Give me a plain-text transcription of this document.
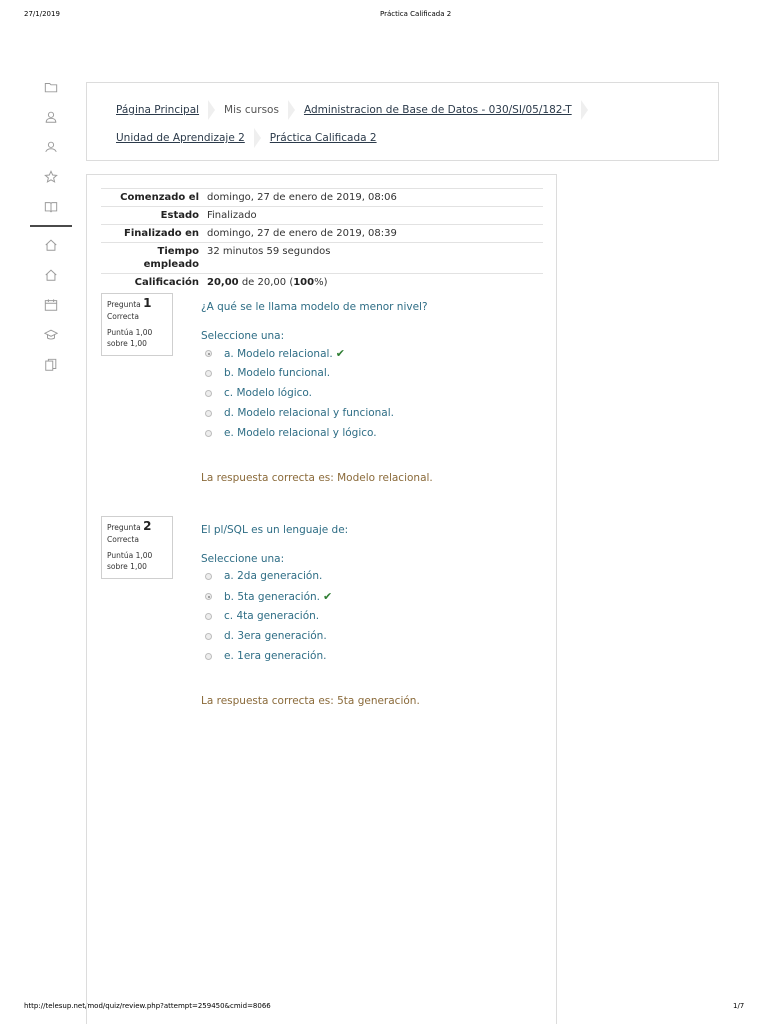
27/1/2019	Práctica Calificada 2
http://telesup.net/mod/quiz/review.php?attempt=259450&cmid=8066	1/7
Página Principal Mis cursos Administracion de Base de Datos - 030/SI/05/182-T
Unidad de Aprendizaje 2 Práctica Calificada 2
Comenzado el	domingo, 27 de enero de 2019, 08:06
Estado	Finalizado
Finalizado en	domingo, 27 de enero de 2019, 08:39
Tiempo empleado	32 minutos 59 segundos
Calificación	20,00 de 20,00 (100%)
Pregunta 1
Correcta
Puntúa 1,00 sobre 1,00
¿A qué se le llama modelo de menor nivel?
Seleccione una:
a. Modelo relacional. ✔
b. Modelo funcional.
c. Modelo lógico.
d. Modelo relacional y funcional.
e. Modelo relacional y lógico.
La respuesta correcta es: Modelo relacional.
Pregunta 2
Correcta
Puntúa 1,00 sobre 1,00
El pl/SQL es un lenguaje de:
Seleccione una:
a. 2da generación.
b. 5ta generación. ✔
c. 4ta generación.
d. 3era generación.
e. 1era generación.
La respuesta correcta es: 5ta generación.
